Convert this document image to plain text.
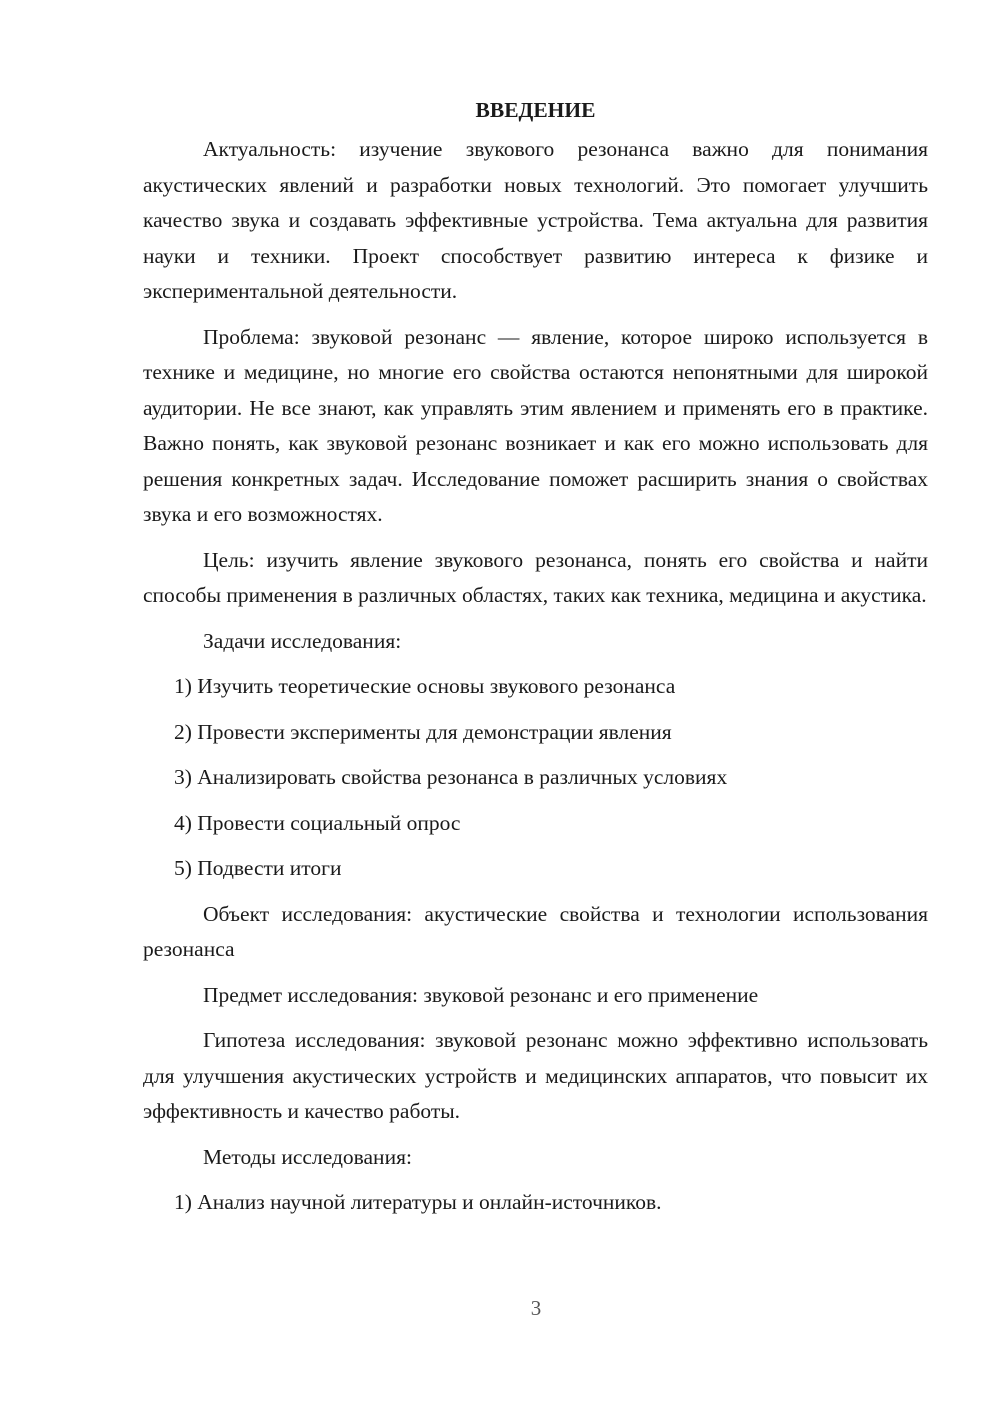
ВВЕДЕНИЕ

Актуальность: изучение звукового резонанса важно для понимания акустических явлений и разработки новых технологий. Это помогает улучшить качество звука и создавать эффективные устройства. Тема актуальна для развития науки и техники. Проект способствует развитию интереса к физике и экспериментальной деятельности.

Проблема: звуковой резонанс — явление, которое широко используется в технике и медицине, но многие его свойства остаются непонятными для широкой аудитории. Не все знают, как управлять этим явлением и применять его в практике. Важно понять, как звуковой резонанс возникает и как его можно использовать для решения конкретных задач. Исследование поможет расширить знания о свойствах звука и его возможностях.

Цель: изучить явление звукового резонанса, понять его свойства и найти способы применения в различных областях, таких как техника, медицина и акустика.

Задачи исследования:

1) Изучить теоретические основы звукового резонанса

2) Провести эксперименты для демонстрации явления

3) Анализировать свойства резонанса в различных условиях

4) Провести социальный опрос

5) Подвести итоги

Объект исследования: акустические свойства и технологии использования резонанса

Предмет исследования: звуковой резонанс и его применение

Гипотеза исследования: звуковой резонанс можно эффективно использовать для улучшения акустических устройств и медицинских аппаратов, что повысит их эффективность и качество работы.

Методы исследования:

1) Анализ научной литературы и онлайн-источников.

3
